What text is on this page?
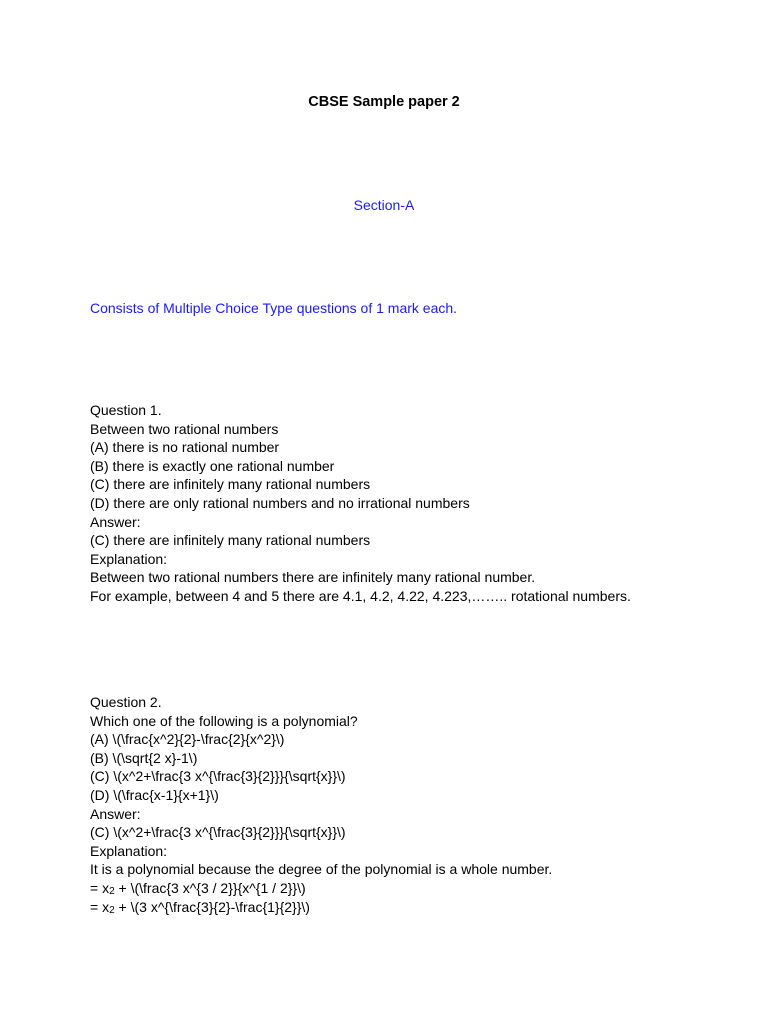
CBSE Sample paper 2
Section-A
Consists of Multiple Choice Type questions of 1 mark each.
Question 1.
Between two rational numbers
(A) there is no rational number
(B) there is exactly one rational number
(C) there are infinitely many rational numbers
(D) there are only rational numbers and no irrational numbers
Answer:
(C) there are infinitely many rational numbers
Explanation:
Between two rational numbers there are infinitely many rational number.
For example, between 4 and 5 there are 4.1, 4.2, 4.22, 4.223,…….. rotational numbers.
Question 2.
Which one of the following is a polynomial?
(A) \(\frac{x^2}{2}-\frac{2}{x^2}\)
(B) \(\sqrt{2 x}-1\)
(C) \(x^2+\frac{3 x^{\frac{3}{2}}}{\sqrt{x}}\)
(D) \(\frac{x-1}{x+1}\)
Answer:
(C) \(x^2+\frac{3 x^{\frac{3}{2}}}{\sqrt{x}}\)
Explanation:
It is a polynomial because the degree of the polynomial is a whole number.
= x2 + \(\frac{3 x^{3 / 2}}{x^{1 / 2}}\)
= x2 + \(3 x^{\frac{3}{2}-\frac{1}{2}}\)
